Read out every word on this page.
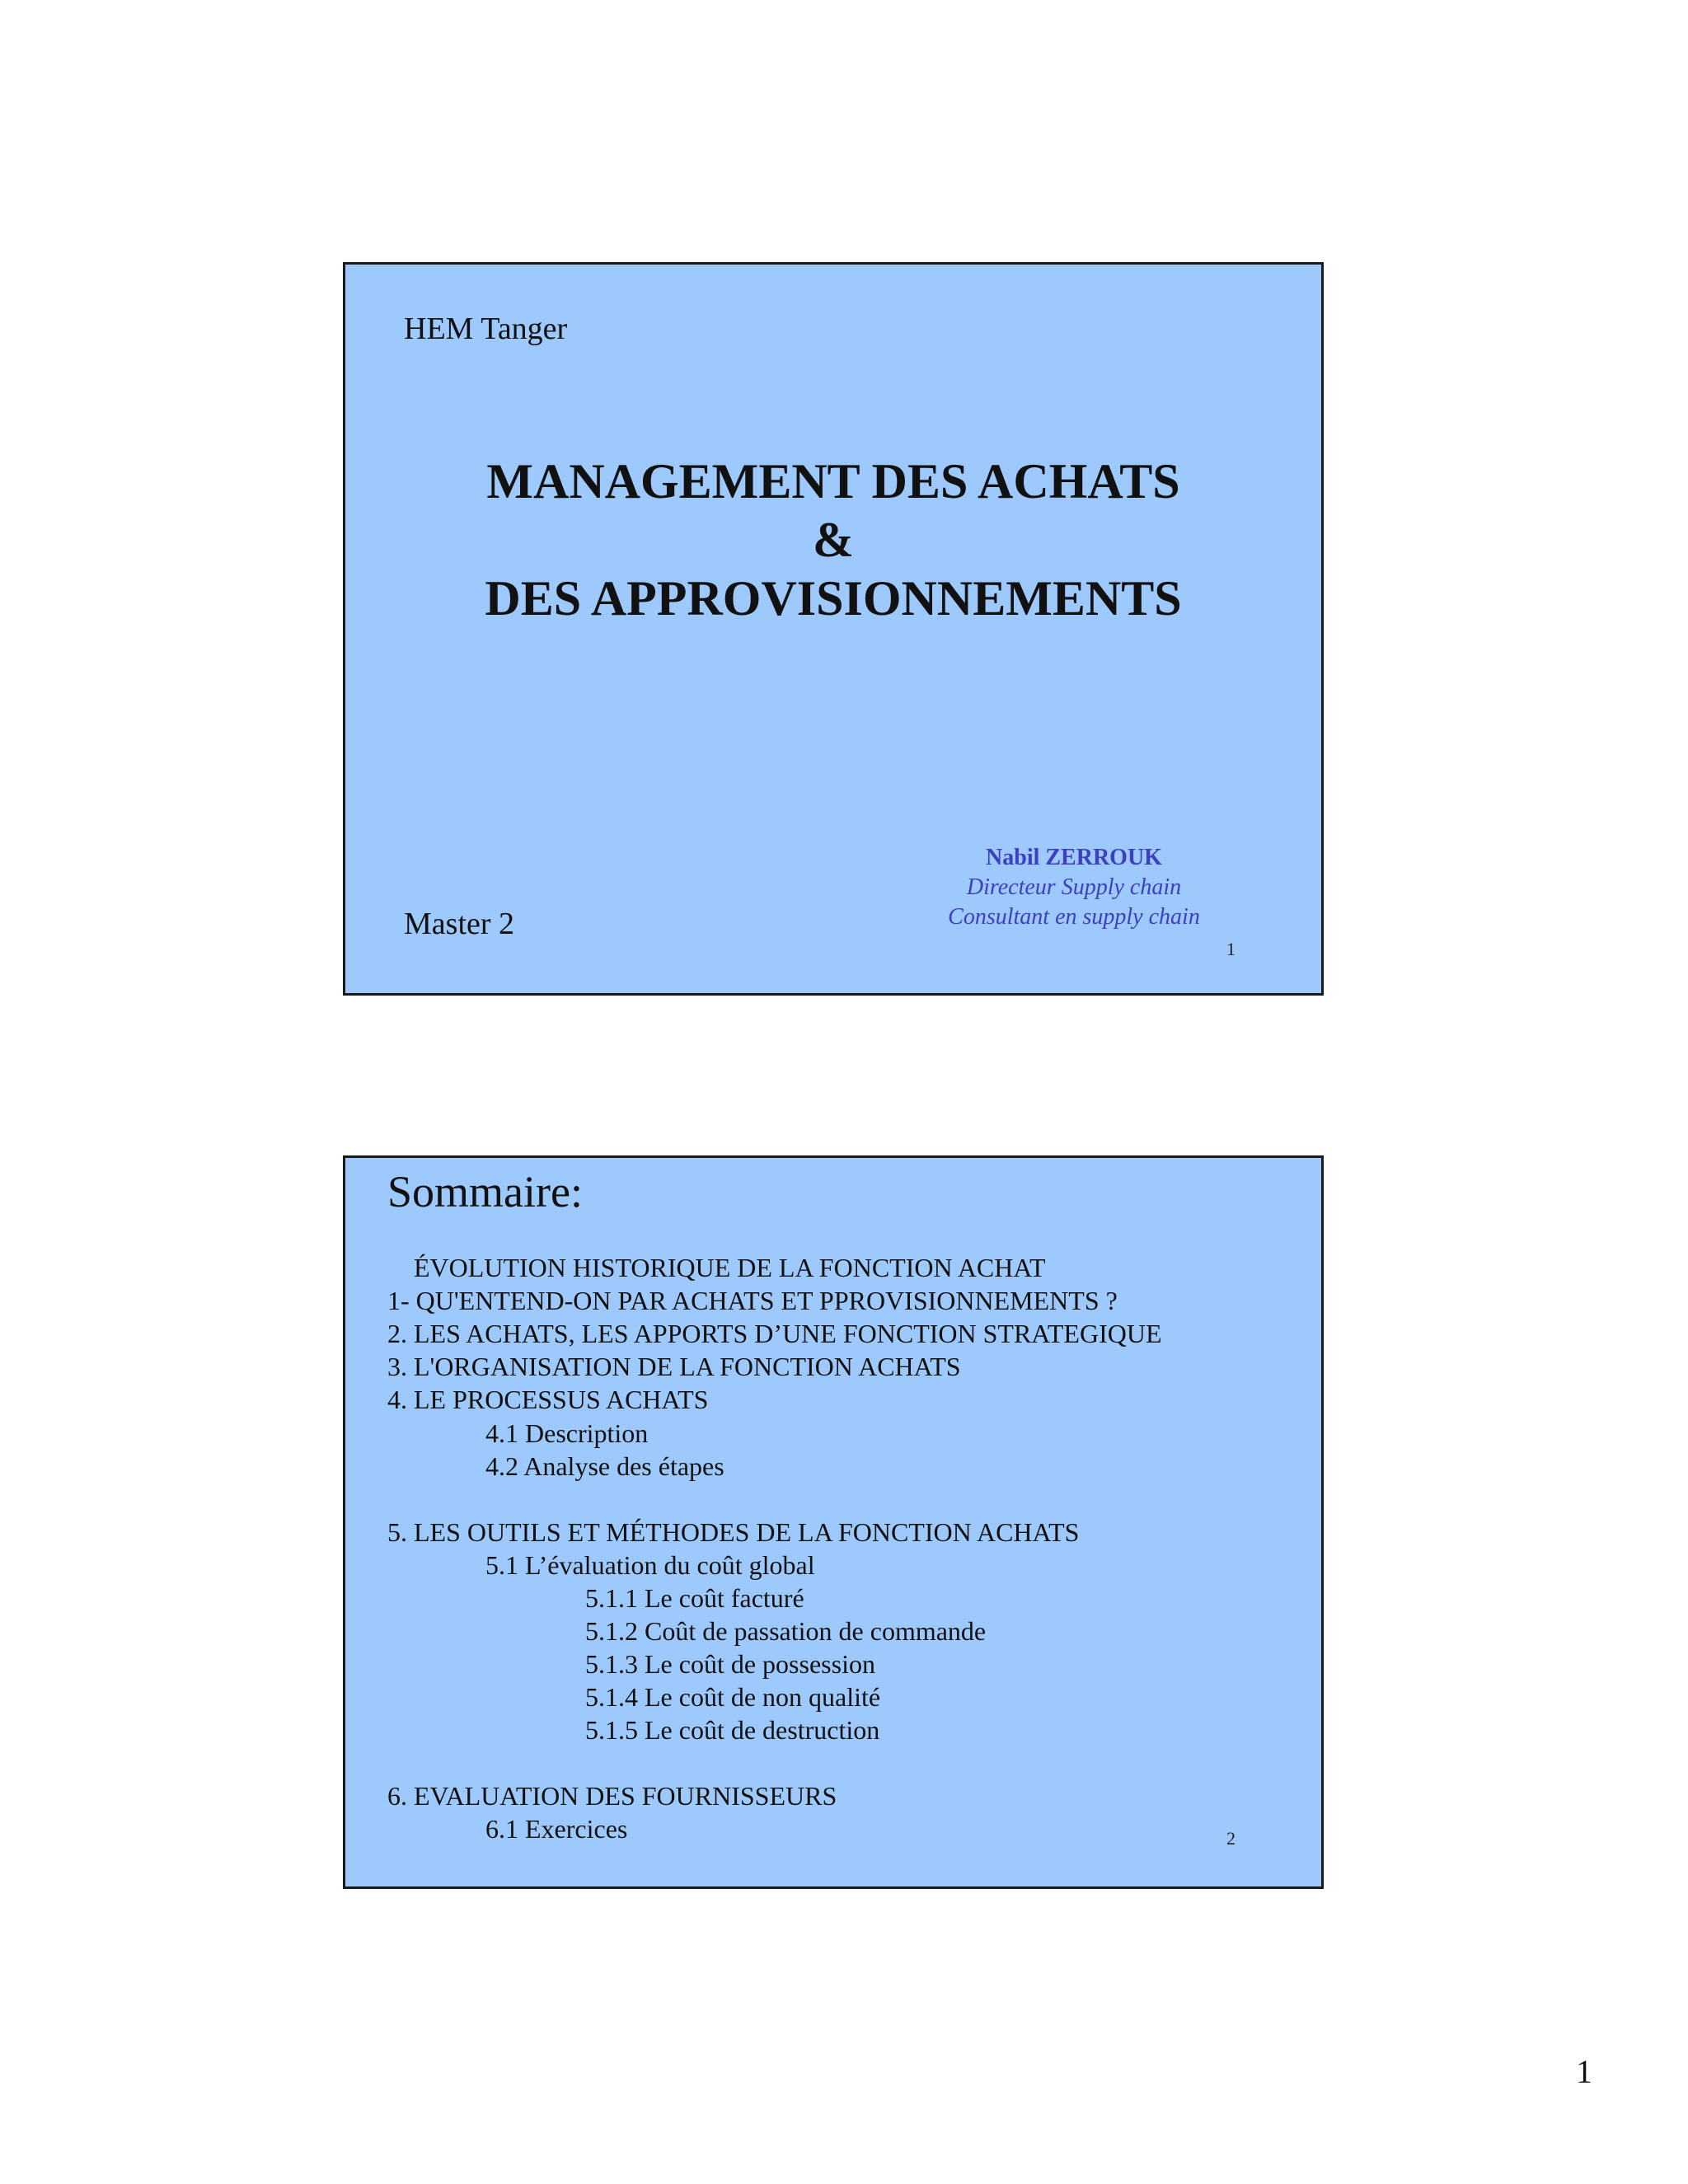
HEM Tanger
MANAGEMENT DES ACHATS
&
DES APPROVISIONNEMENTS
Nabil ZERROUK
Directeur Supply chain
Consultant en supply chain
Master 2
1
Sommaire:
ÉVOLUTION HISTORIQUE DE LA FONCTION ACHAT
1- QU'ENTEND-ON PAR ACHATS ET PPROVISIONNEMENTS ?
2. LES ACHATS, LES APPORTS D’UNE FONCTION STRATEGIQUE
3. L'ORGANISATION DE LA FONCTION ACHATS
4. LE PROCESSUS ACHATS
4.1 Description
4.2 Analyse des étapes
5. LES OUTILS ET MÉTHODES DE LA FONCTION ACHATS
5.1 L’évaluation du coût global
5.1.1 Le coût facturé
5.1.2 Coût de passation de commande
5.1.3 Le coût de possession
5.1.4 Le coût de non qualité
5.1.5 Le coût de destruction
6. EVALUATION DES FOURNISSEURS
6.1 Exercices	2
1
